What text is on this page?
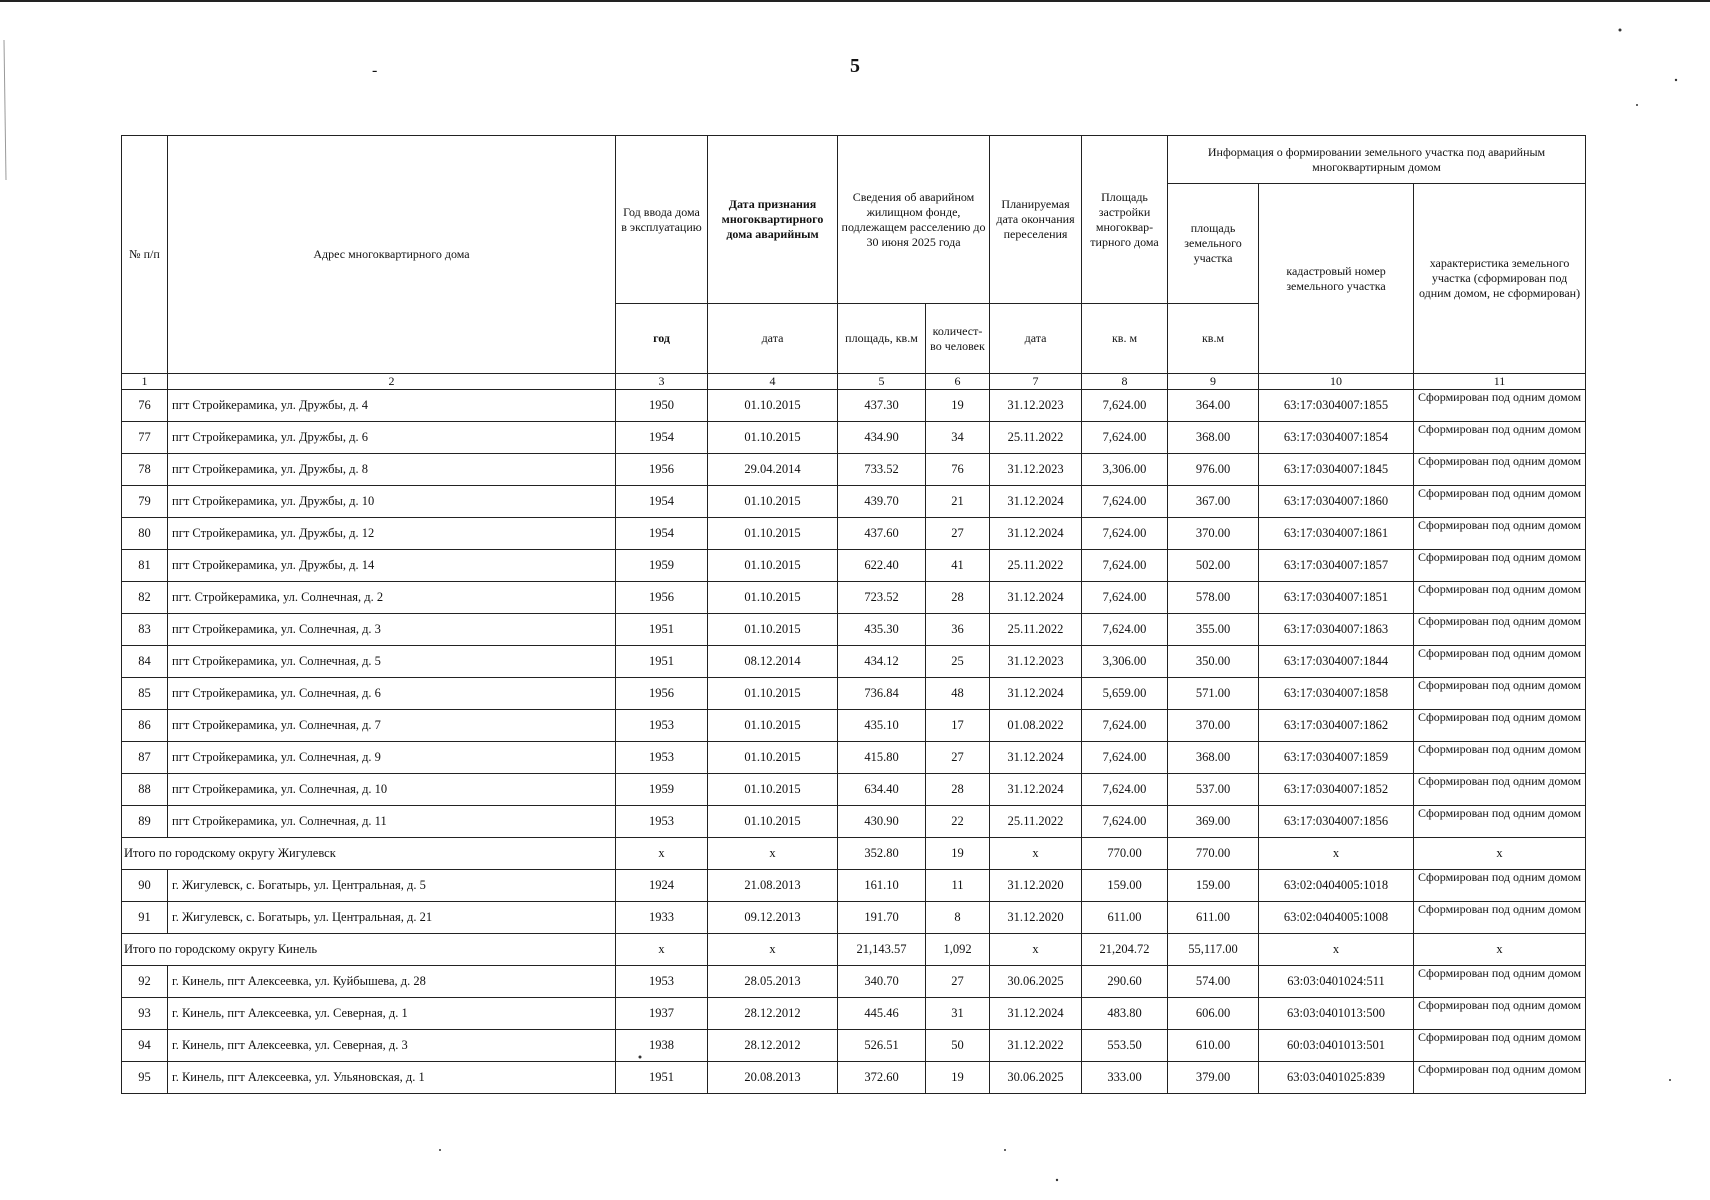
5
-
№ п/п	Адрес многоквартирного дома	Год ввода дома в эксплуатацию	Дата признания многоквартирного дома аварийным	Сведения об аварийном жилищном фонде, подлежащем расселению до 30 июня 2025 года		Планируемая дата окончания переселения	Площадь застройки многоквар-тирного дома	Информация о формировании земельного участка под аварийным многоквартирным домом		
								площадь земельного участка	кадастровый номер земельного участка	характеристика земельного участка (сформирован под одним домом, не сформирован)
		год	дата	площадь, кв.м	количест-во человек	дата	кв. м	кв.м		
1	2	3	4	5	6	7	8	9	10	11
76	пгт Стройкерамика, ул. Дружбы, д. 4	1950	01.10.2015	437.30	19	31.12.2023	7,624.00	364.00	63:17:0304007:1855	Сформирован под одним домом

77	пгт Стройкерамика, ул. Дружбы, д. 6	1954	01.10.2015	434.90	34	25.11.2022	7,624.00	368.00	63:17:0304007:1854	Сформирован под одним домом

78	пгт Стройкерамика, ул. Дружбы, д. 8	1956	29.04.2014	733.52	76	31.12.2023	3,306.00	976.00	63:17:0304007:1845	Сформирован под одним домом

79	пгт Стройкерамика, ул. Дружбы, д. 10	1954	01.10.2015	439.70	21	31.12.2024	7,624.00	367.00	63:17:0304007:1860	Сформирован под одним домом

80	пгт Стройкерамика, ул. Дружбы, д. 12	1954	01.10.2015	437.60	27	31.12.2024	7,624.00	370.00	63:17:0304007:1861	Сформирован под одним домом

81	пгт Стройкерамика, ул. Дружбы, д. 14	1959	01.10.2015	622.40	41	25.11.2022	7,624.00	502.00	63:17:0304007:1857	Сформирован под одним домом

82	пгт. Стройкерамика, ул. Солнечная, д. 2	1956	01.10.2015	723.52	28	31.12.2024	7,624.00	578.00	63:17:0304007:1851	Сформирован под одним домом

83	пгт Стройкерамика, ул. Солнечная, д. 3	1951	01.10.2015	435.30	36	25.11.2022	7,624.00	355.00	63:17:0304007:1863	Сформирован под одним домом

84	пгт Стройкерамика, ул. Солнечная, д. 5	1951	08.12.2014	434.12	25	31.12.2023	3,306.00	350.00	63:17:0304007:1844	Сформирован под одним домом

85	пгт Стройкерамика, ул. Солнечная, д. 6	1956	01.10.2015	736.84	48	31.12.2024	5,659.00	571.00	63:17:0304007:1858	Сформирован под одним домом

86	пгт Стройкерамика, ул. Солнечная, д. 7	1953	01.10.2015	435.10	17	01.08.2022	7,624.00	370.00	63:17:0304007:1862	Сформирован под одним домом

87	пгт Стройкерамика, ул. Солнечная, д. 9	1953	01.10.2015	415.80	27	31.12.2024	7,624.00	368.00	63:17:0304007:1859	Сформирован под одним домом

88	пгт Стройкерамика, ул. Солнечная, д. 10	1959	01.10.2015	634.40	28	31.12.2024	7,624.00	537.00	63:17:0304007:1852	Сформирован под одним домом

89	пгт Стройкерамика, ул. Солнечная, д. 11	1953	01.10.2015	430.90	22	25.11.2022	7,624.00	369.00	63:17:0304007:1856	Сформирован под одним домом

Итого по городскому округу Жигулевск		x	x	352.80	19	x	770.00	770.00	x	x
90	г. Жигулевск, с. Богатырь, ул. Центральная, д. 5	1924	21.08.2013	161.10	11	31.12.2020	159.00	159.00	63:02:0404005:1018	Сформирован под одним домом

91	г. Жигулевск, с. Богатырь, ул. Центральная, д. 21	1933	09.12.2013	191.70	8	31.12.2020	611.00	611.00	63:02:0404005:1008	Сформирован под одним домом

Итого по городскому округу Кинель		x	x	21,143.57	1,092	x	21,204.72	55,117.00	x	x
92	г. Кинель, пгт Алексеевка, ул. Куйбышева, д. 28	1953	28.05.2013	340.70	27	30.06.2025	290.60	574.00	63:03:0401024:511	Сформирован под одним домом

93	г. Кинель, пгт Алексеевка, ул. Северная, д. 1	1937	28.12.2012	445.46	31	31.12.2024	483.80	606.00	63:03:0401013:500	Сформирован под одним домом

94	г. Кинель, пгт Алексеевка, ул. Северная, д. 3	1938	28.12.2012	526.51	50	31.12.2022	553.50	610.00	60:03:0401013:501	Сформирован под одним домом

95	г. Кинель, пгт Алексеевка, ул. Ульяновская, д. 1	1951	20.08.2013	372.60	19	30.06.2025	333.00	379.00	63:03:0401025:839	Сформирован под одним домом
